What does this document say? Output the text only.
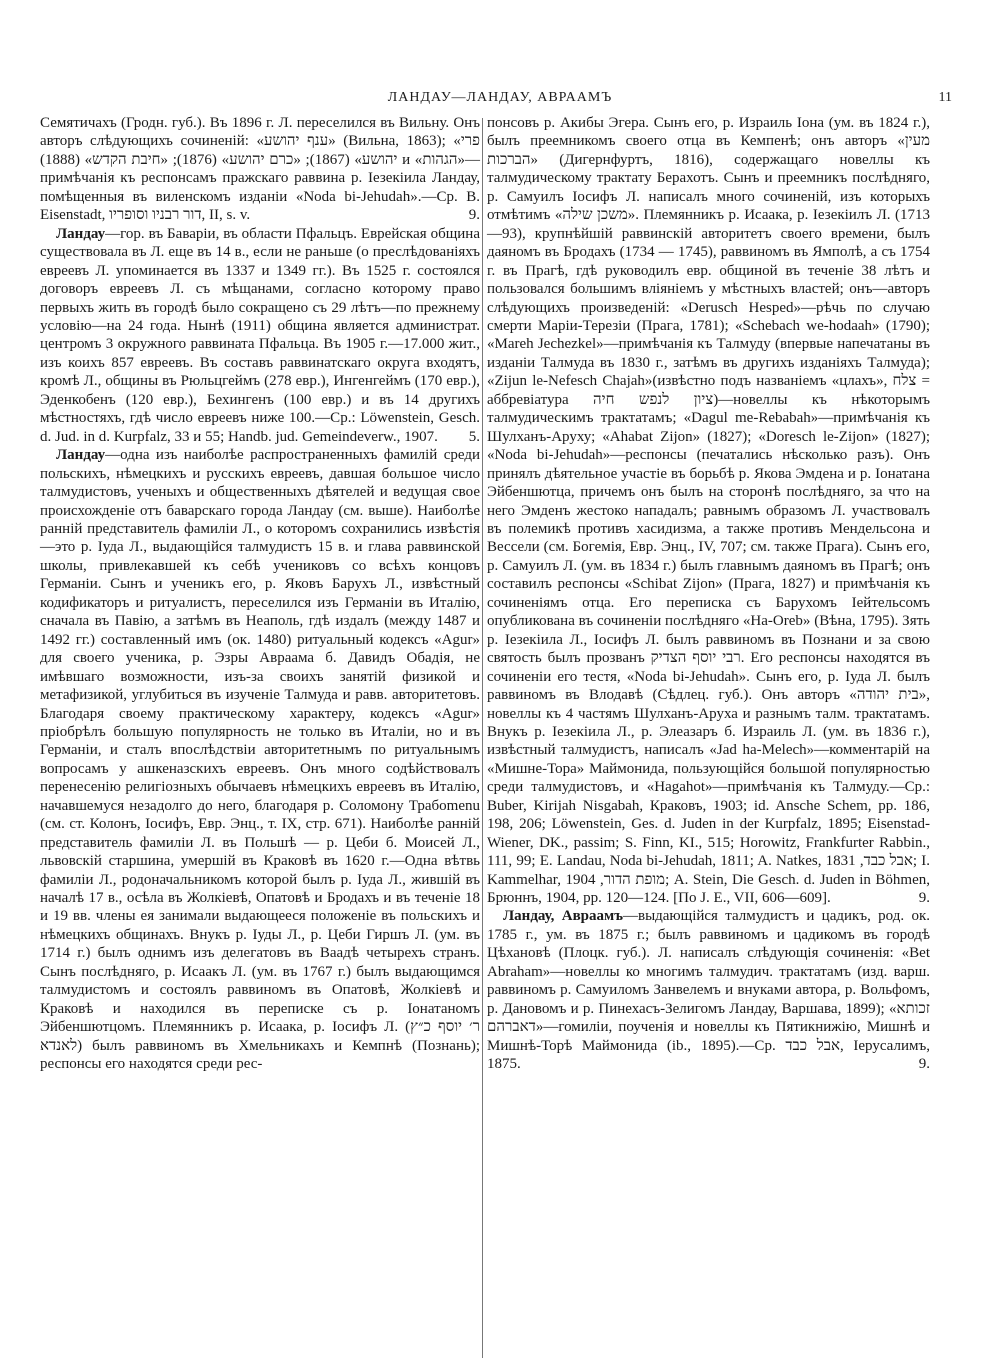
ЛАНДАУ—ЛАНДАУ, АВРААМЪ	11

Семятичахъ (Гродн. губ.). Въ 1896 г. Л. переселился въ Вильну. Онъ авторъ слѣдующихъ сочиненій: «ענף יהושע» (Вильна, 1863); «פרי יהושע» (1867); «כרם יהושע» (1876); «חיבת הקדש» (1888) и «הגהות»—примѣчанія къ респонсамъ пражскаго раввина р. Iезекіила Ландау, помѣщенныя въ виленскомъ изданіи «Noda bi-Jehudah».—Ср. В. Eisenstadt, דור רבניו וסופריו, II, s. v.	9.

Ландау—гор. въ Баваріи, въ области Пфальцъ. Еврейская община существовала въ Л. еще въ 14 в., если не раньше (о преслѣдованіяхъ евреевъ Л. упоминается въ 1337 и 1349 гг.). Въ 1525 г. состоялся договоръ евреевъ Л. съ мѣщанами, согласно которому право первыхъ жить въ городѣ было сокращено съ 29 лѣтъ—по прежнему условію—на 24 года. Нынѣ (1911) община является администрат. центромъ 3 окружного раввината Пфальца. Въ 1905 г.—17.000 жит., изъ коихъ 857 евреевъ. Въ составъ раввинатскаго округа входятъ, кромѣ Л., общины въ Рюльцгеймъ (278 евр.), Ингенгеймъ (170 евр.), Эденкобенъ (120 евр.), Бехингенъ (100 евр.) и въ 14 другихъ мѣстностяхъ, гдѣ число евреевъ ниже 100.—Ср.: Löwenstein, Gesch. d. Jud. in d. Kurpfalz, 33 и 55; Handb. jud. Gemeindeverw., 1907.	5.

Ландау—одна изъ наиболѣе распространенныхъ фамилій среди польскихъ, нѣмецкихъ и русскихъ евреевъ, давшая большое число талмудистовъ, ученыхъ и общественныхъ дѣятелей и ведущая свое происхожденіе отъ баварскаго города Ландау (см. выше). Наиболѣе ранній представитель фамиліи Л., о которомъ сохранились извѣстія—это р. Іуда Л., выдающійся талмудистъ 15 в. и глава раввинской школы, привлекавшей къ себѣ учениковъ со всѣхъ концовъ Германіи. Сынъ и ученикъ его, р. Яковъ Барухъ Л., извѣстный кодификаторъ и ритуалистъ, переселился изъ Германіи въ Италію, сначала въ Павію, а затѣмъ въ Неаполь, гдѣ издалъ (между 1487 и 1492 гг.) составленный имъ (ок. 1480) ритуальный кодексъ «Agur» для своего ученика, р. Эзры Авраама б. Давидъ Обадія, не имѣвшаго возможности, изъ-за своихъ занятій физикой и метафизикой, углубиться въ изученіе Талмуда и равв. авторитетовъ. Благодаря своему практическому характеру, кодексъ «Agur» пріобрѣлъ большую популярность не только въ Италіи, но и въ Германіи, и сталъ впослѣдствіи авторитетнымъ по ритуальнымъ вопросамъ у ашкеназскихъ евреевъ. Онъ много содѣйствовалъ перенесенію религіозныхъ обычаевъ нѣмецкихъ евреевъ въ Италію, начавшемуся незадолго до него, благодаря р. Соломону Трабоmenu (см. ст. Колонъ, Іосифъ, Евр. Энц., т. IX, стр. 671). Наиболѣе ранній представитель фамиліи Л. въ Польшѣ — р. Цеби б. Моисей Л., львовскій старшина, умершій въ Краковѣ въ 1620 г.—Одна вѣтвь фамиліи Л., родоначальникомъ которой былъ р. Іуда Л., жившій въ началѣ 17 в., осѣла въ Жолкіевѣ, Опатовѣ и Бродахъ и въ теченіе 18 и 19 вв. члены ея занимали выдающееся положеніе въ польскихъ и нѣмецкихъ общинахъ. Внукъ р. Іуды Л., р. Цеби Гиршъ Л. (ум. въ 1714 г.) былъ однимъ изъ делегатовъ въ Ваадѣ четырехъ странъ. Сынъ послѣдняго, р. Исаакъ Л. (ум. въ 1767 г.) былъ выдающимся талмудистомъ и состоялъ раввиномъ въ Опатовѣ, Жолкіевѣ и Краковѣ и находился въ переписке съ р. Іонатаномъ Эйбеншютцомъ. Племянникъ р. Исаака, р. Іосифъ Л. (ר׳ יוסף כ״ץ לאנדא) былъ раввиномъ въ Хмельникахъ и Кемпнѣ (Познань); респонсы его находятся среди рес-

понсовъ р. Акибы Эгера. Сынъ его, р. Израиль Іона (ум. въ 1824 г.), былъ преемникомъ своего отца въ Кемпенѣ; онъ авторъ «מעין הברכות» (Дигернфуртъ, 1816), содержащаго новеллы къ талмудическому трактату Берахотъ. Сынъ и преемникъ послѣдняго, р. Самуилъ Іосифъ Л. написалъ много сочиненій, изъ которыхъ отмѣтимъ «משכן שילה». Племянникъ р. Исаака, р. Іезекіилъ Л. (1713—93), крупнѣйшій раввинскій авторитетъ своего времени, былъ даяномъ въ Бродахъ (1734 — 1745), раввиномъ въ Ямполѣ, а съ 1754 г. въ Прагѣ, гдѣ руководилъ евр. общиной въ теченіе 38 лѣтъ и пользовался большимъ вліяніемъ у мѣстныхъ властей; онъ—авторъ слѣдующихъ произведеній: «Derusch Hesped»—рѣчь по случаю смерти Маріи-Терезіи (Прага, 1781); «Schebach we-hodaah» (1790); «Mareh Jechezkel»—примѣчанія къ Талмуду (впервые напечатаны въ изданіи Талмуда въ 1830 г., затѣмъ въ другихъ изданіяхъ Талмуда); «Zijun le-Nefesch Chajah»(извѣстно подъ названіемъ «цлахъ», צלח = аббревіатура ציון לנפש חיה)—новеллы къ нѣкоторымъ талмудическимъ трактатамъ; «Dagul me-Rebabah»—примѣчанія къ Шулханъ-Аруху; «Ahabat Zijon» (1827); «Doresch le-Zijon» (1827); «Noda bi-Jehudah»—респонсы (печатались нѣсколько разъ). Онъ принялъ дѣятельное участіе въ борьбѣ р. Якова Эмдена и р. Іонатана Эйбеншютца, причемъ онъ былъ на сторонѣ послѣдняго, за что на него Эмденъ жестоко нападалъ; равнымъ образомъ Л. участвовалъ въ полемикѣ противъ хасидизма, а также противъ Мендельсона и Вессели (см. Богемія, Евр. Энц., IV, 707; см. также Прага). Сынъ его, р. Самуилъ Л. (ум. въ 1834 г.) былъ главнымъ даяномъ въ Прагѣ; онъ составилъ респонсы «Schibat Zijon» (Прага, 1827) и примѣчанія къ сочиненіямъ отца. Его переписка съ Барухомъ Іейтельсомъ опубликована въ сочиненіи послѣдняго «Ha-Oreb» (Вѣна, 1795). Зять р. Iезекіила Л., Іосифъ Л. былъ раввиномъ въ Познани и за свою святость былъ прозванъ רבי יוסף הצדיק. Его респонсы находятся въ сочиненіи его тестя, «Noda bi-Jehudah». Сынъ его, р. Іуда Л. былъ раввиномъ въ Влодавѣ (Сѣдлец. губ.). Онъ авторъ «בית יהודה», новеллы къ 4 частямъ Шулханъ-Аруха и разнымъ талм. трактатамъ. Внукъ р. Iезекіила Л., р. Элеазаръ б. Израиль Л. (ум. въ 1836 г.), извѣстный талмудистъ, написалъ «Jad ha-Melech»—комментарій на «Мишне-Тора» Маймонида, пользующійся большой популярностью среди талмудистовъ, и «Hagahot»—примѣчанія къ Талмуду.—Ср.: Buber, Kirijah Nisgabah, Краковъ, 1903; id. Ansche Schem, pp. 186, 198, 206; Löwenstein, Ges. d. Juden in der Kurpfalz, 1895; Eisenstad-Wiener, DK., passim; S. Finn, KI., 515; Horowitz, Frankfurter Rabbin., 111, 99; E. Landau, Noda bi-Jehudah, 1811; A. Natkes, אבל כבד, 1831; I. Kammelhar, מופת הדור, 1904; A. Stein, Die Gesch. d. Juden in Böhmen, Брюннъ, 1904, pp. 120—124. [По J. E., VII, 606—609].	9.

Ландау, Авраамъ—выдающійся талмудистъ и цадикъ, род. ок. 1785 г., ум. въ 1875 г.; былъ раввиномъ и цадикомъ въ городѣ Цѣхановѣ (Плоцк. губ.). Л. написалъ слѣдующія сочиненія: «Bet Abraham»—новеллы ко многимъ талмудич. трактатамъ (изд. варш. раввиномъ р. Самуиломъ Занвелемъ и внуками автора, р. Вольфомъ, р. Дановомъ и р. Пинехасъ-Зелигомъ Ландау, Варшава, 1899); «זכותא דאברהם»—гомиліи, поученія и новеллы къ Пятикнижію, Мишнѣ и Мишнѣ-Торѣ Маймонида (ib., 1895).—Ср. אבל כבד, Іерусалимъ, 1875.	9.
